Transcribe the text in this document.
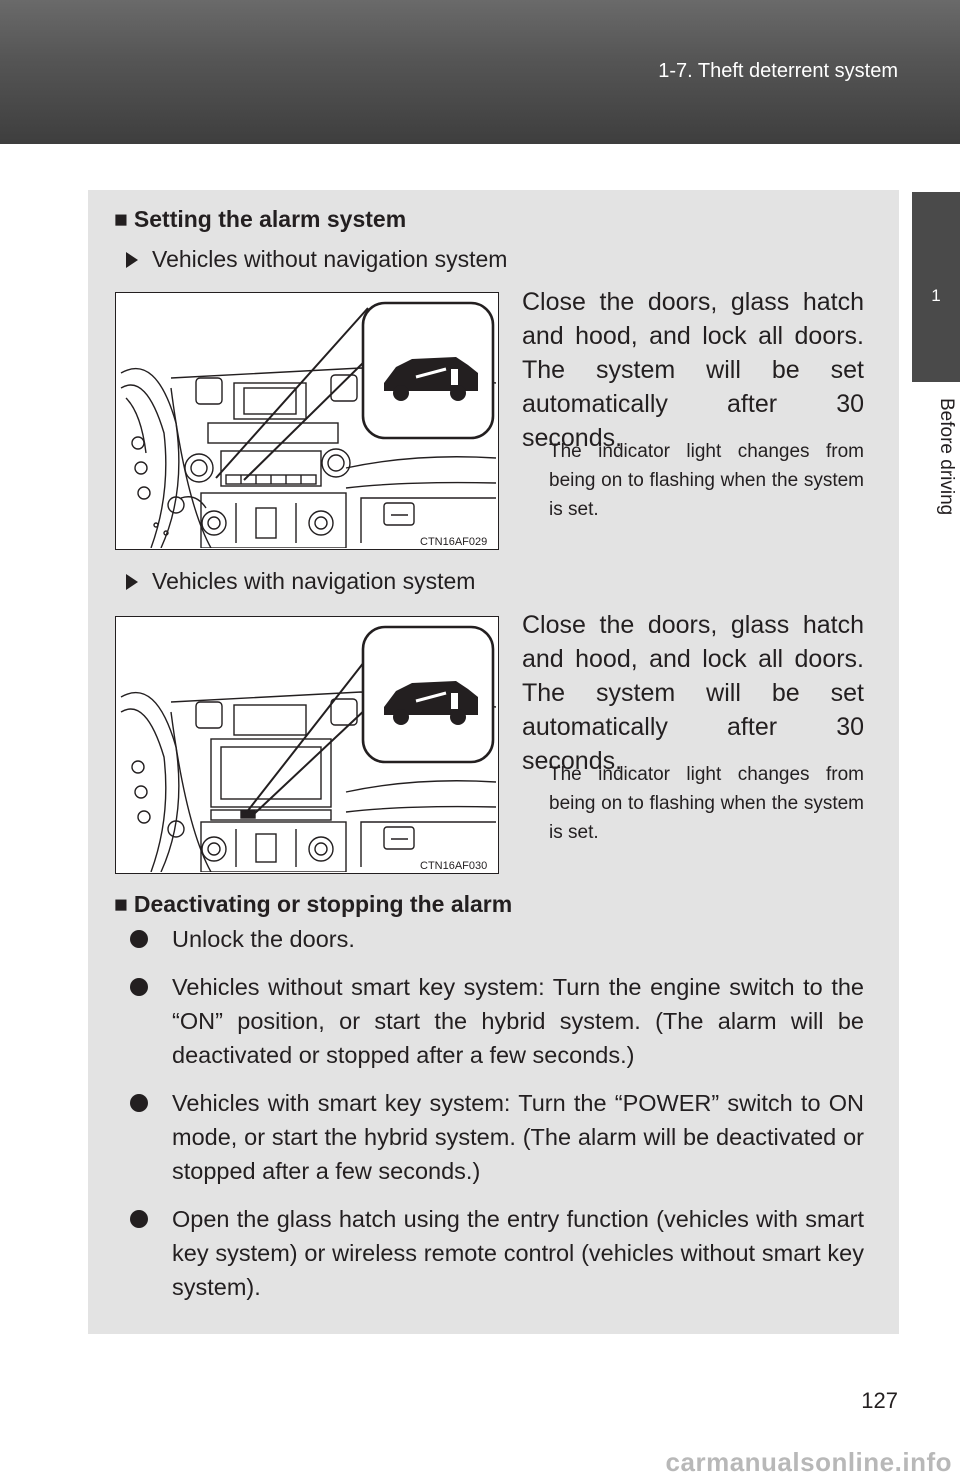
1-7. Theft deterrent system
1
Before driving
■ Setting the alarm system
Vehicles without navigation system
CTN16AF029
Close the doors, glass hatch and hood, and lock all doors. The system will be set automatically after 30 seconds.
The indicator light changes from being on to flashing when the system is set.
Vehicles with navigation system
CTN16AF030
Close the doors, glass hatch and hood, and lock all doors. The system will be set automatically after 30 seconds.
The indicator light changes from being on to flashing when the system is set.
■ Deactivating or stopping the alarm
Unlock the doors.
Vehicles without smart key system: Turn the engine switch to the “ON” position, or start the hybrid system. (The alarm will be deactivated or stopped after a few seconds.)
Vehicles with smart key system: Turn the “POWER” switch to ON mode, or start the hybrid system. (The alarm will be deactivated or stopped after a few seconds.)
Open the glass hatch using the entry function (vehicles with smart key system) or wireless remote control (vehicles without smart key system).
127
carmanualsonline.info
